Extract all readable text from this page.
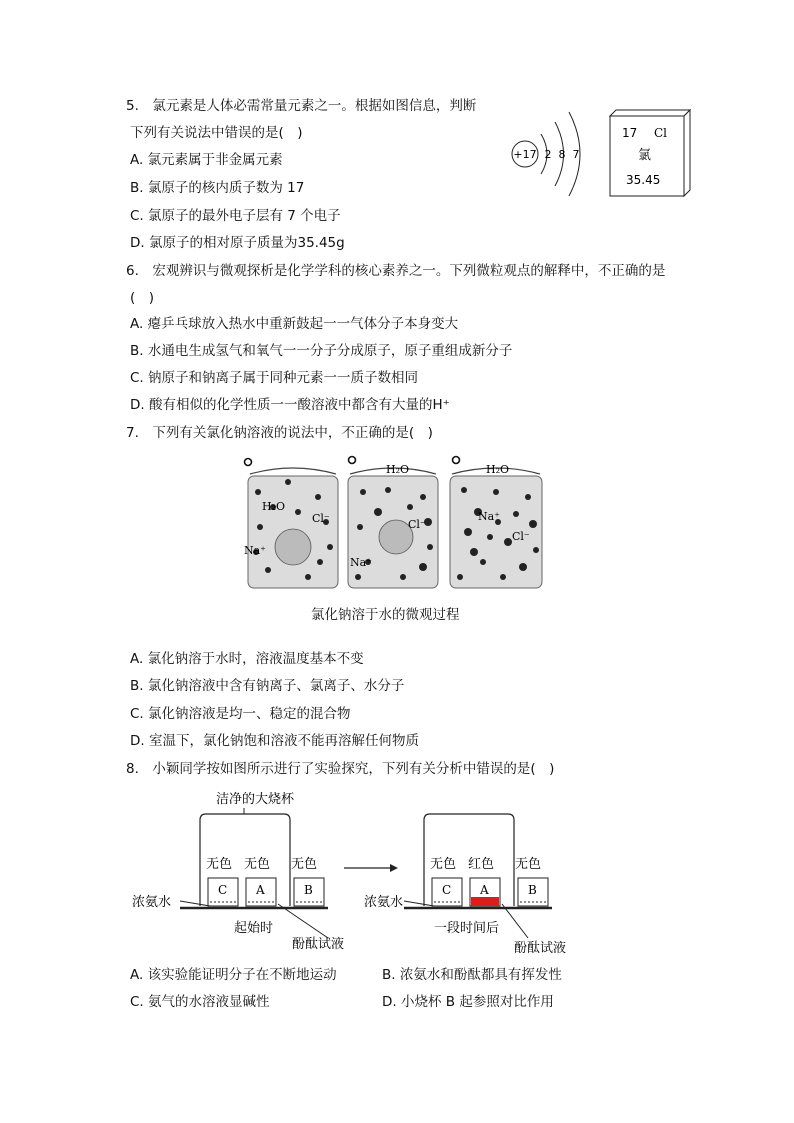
5.　氯元素是人体必需常量元素之一。根据如图信息，判断
下列有关说法中错误的是(　)
A. 氯元素属于非金属元素
B. 氯原子的核内质子数为 17
C. 氯原子的最外电子层有 7 个电子
D. 氯原子的相对原子质量为35.45g
+17 2 8 7
17 Cl
氯
35.45
6.　宏观辨识与微观探析是化学学科的核心素养之一。下列微粒观点的解释中，不正确的是
(　)
A. 瘪乒乓球放入热水中重新鼓起一一气体分子本身变大
B. 水通电生成氢气和氧气一一分子分成原子，原子重组成新分子
C. 钠原子和钠离子属于同种元素一一质子数相同
D. 酸有相似的化学性质一一酸溶液中都含有大量的H⁺
7.　下列有关氯化钠溶液的说法中，不正确的是(　)
H₂O
Cl⁻
Na⁺
H₂O
Cl⁻
Na⁺
H₂O
Na⁺
Cl⁻
氯化钠溶于水的微观过程
A. 氯化钠溶于水时，溶液温度基本不变
B. 氯化钠溶液中含有钠离子、氯离子、水分子
C. 氯化钠溶液是均一、稳定的混合物
D. 室温下，氯化钠饱和溶液不能再溶解任何物质
8.　小颖同学按如图所示进行了实验探究，下列有关分析中错误的是(　)
洁净的大烧杯
无色 无色 无色
C A	B
浓氨水
起始时
酚酞试液
无色 红色 无色
C A	B
浓氨水
一段时间后
酚酞试液
A. 该实验能证明分子在不断地运动	B. 浓氨水和酚酞都具有挥发性
C. 氨气的水溶液显碱性	D. 小烧杯 B 起参照对比作用
